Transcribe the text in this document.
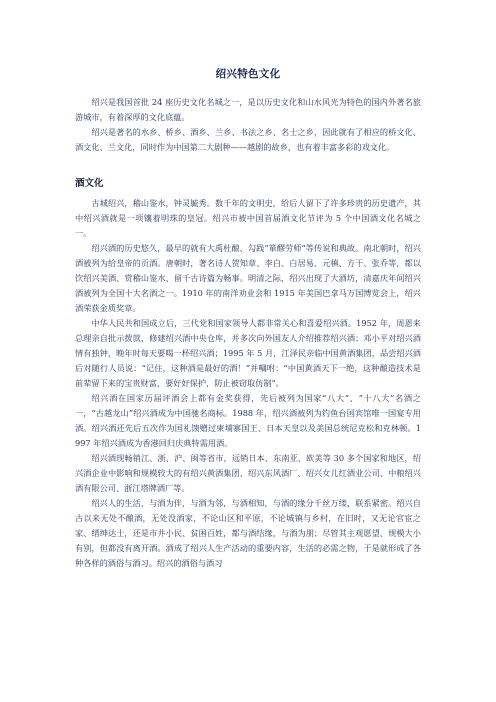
绍兴特色文化

绍兴是我国首批 24 座历史文化名城之一，是以历史文化和山水风光为特色的国内外著名旅游城市，有着深厚的文化底蕴。

绍兴是著名的水乡、桥乡、酒乡、兰乡、书法之乡、名士之乡，因此就有了相应的桥文化、酒文化、兰文化，同时作为中国第二大剧种——越剧的故乡，也有着丰富多彩的戏文化。

酒文化

古城绍兴，稽山鉴水，钟灵毓秀。数千年的文明史，给后人留下了许多珍贵的历史遗产，其中绍兴酒就是一项镶着明珠的皇冠。绍兴市被中国首届酒文化节评为 5 个中国酒文化名城之一。

绍兴酒的历史悠久，最早的就有大禹杜酿、勾践“箪醪劳师”等传说和典故。南北朝时，绍兴酒被列为给皇帝的贡酒。唐朝时，著名诗人贺知章、李白、白居易、元稹、方干、张乔等，都以饮绍兴美酒、赏稽山鉴水、留千古诗篇为畅事。明清之际，绍兴出现了大酒坊，清嘉庆年间绍兴酒被列为全国十大名酒之一。1910 年的南洋劝业会和 1915 年美国巴拿马万国博览会上，绍兴酒荣获金质奖章。

中华人民共和国成立后，三代党和国家领导人都非常关心和喜爱绍兴酒。1952 年，周恩来总理亲自批示拨款，修建绍兴酒中央仓库，并多次向外国友人介绍推荐绍兴酒；邓小平对绍兴酒情有独钟，晚年时每天要喝一杯绍兴酒；1995 年 5 月，江泽民亲临中国黄酒集团，品尝绍兴酒后对随行人员说：“记住，这种酒是最好的酒！”并嘱咐：“中国黄酒天下一绝，这种酿造技术是前辈留下来的宝贵财富，要好好保护，防止被窃取仿制”。

绍兴酒在国家历届评酒会上都有金奖获得，先后被列为国家“八大”、“十八大”名酒之一，“古越龙山”绍兴酒成为中国驰名商标。1988 年，绍兴酒被列为钓鱼台国宾馆唯一国宴专用酒。绍兴酒还先后五次作为国礼馈赠过柬埔寨国王、日本天皇以及美国总统尼克松和克林顿。1997 年绍兴酒成为香港回归庆典特需用酒。

绍兴酒现畅销江、浙、沪、闽等省市，远销日本、东南亚、欧美等 30 多个国家和地区，绍兴酒企业中影响和规模较大的有绍兴黄酒集团、绍兴东风酒厂、绍兴女儿红酒业公司、中粮绍兴酒有限公司、浙江塔牌酒厂等。

绍兴人的生活，与酒为伴，与酒为邻，与酒相知，与酒的缘分千丝万缕，联系紧密。绍兴自古以来无处不酿酒，无处没酒家，不论山区和平原，不论城镇与乡村，在旧时，又无论官宦之家、缙绅达士，还是市井小民、贫困百姓，都与酒结缘，与酒为朋；尽管其主观愿望、规模大小有别，但都没有离开酒。酒成了绍兴人生产活动的重要内容，生活的必需之物，于是就形成了各种各样的酒俗与酒习。绍兴的酒俗与酒习
